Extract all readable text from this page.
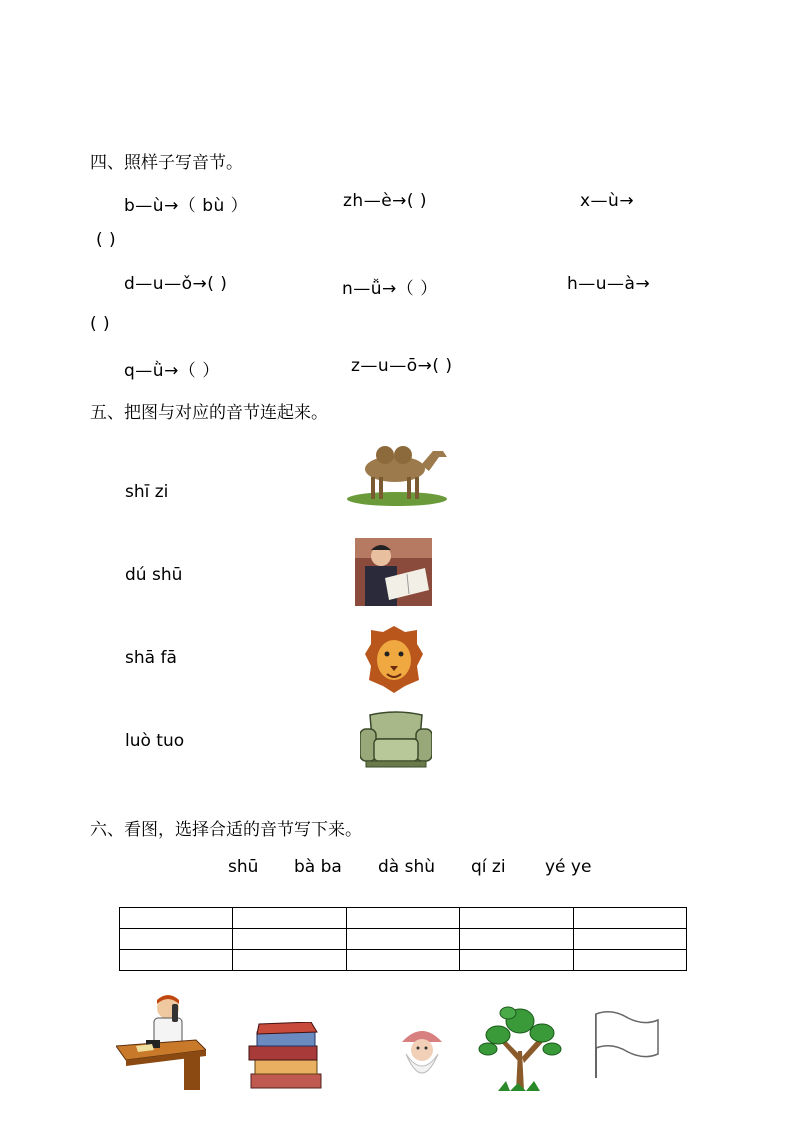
四、照样子写音节。
b—ù→（ bù ）	zh—è→( )	x—ù→
( )
d—u—ǒ→( )	n—ǚ→（ ）	h—u—à→
( )
q—ǜ→（ ）	z—u—ō→( )
五、把图与对应的音节连起来。
shī zi
dú shū
shā fā
luò tuo
六、看图，选择合适的音节写下来。
shū bà ba dà shù qí zi yé ye
